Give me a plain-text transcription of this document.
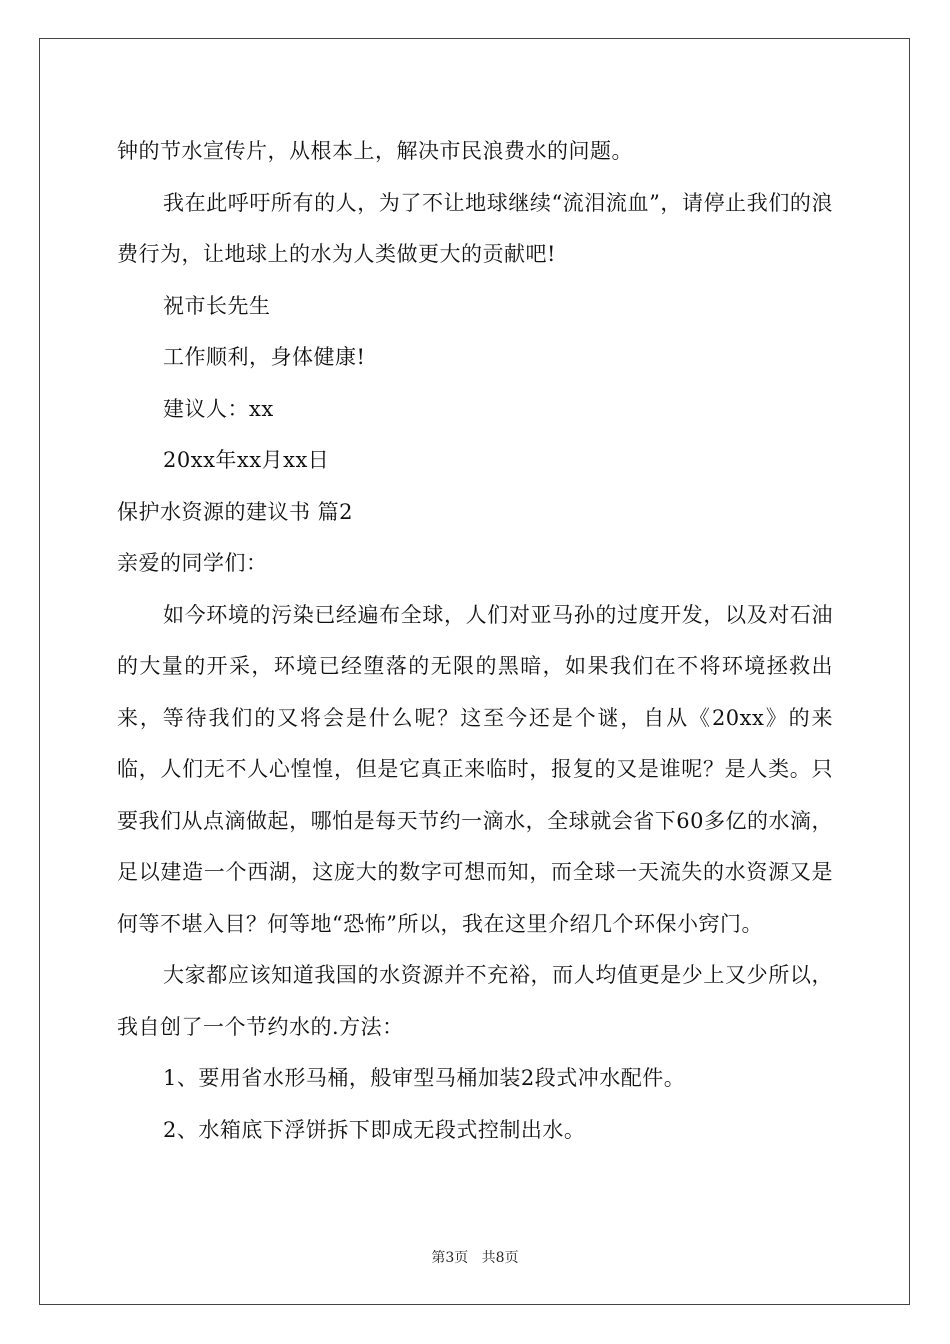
钟的节水宣传片，从根本上，解决市民浪费水的问题。

我在此呼吁所有的人，为了不让地球继续“流泪流血”，请停止我们的浪费行为，让地球上的水为人类做更大的贡献吧!

祝市长先生

工作顺利，身体健康!

建议人：xx

20xx年xx月xx日

保护水资源的建议书 篇2

亲爱的同学们：

如今环境的污染已经遍布全球，人们对亚马孙的过度开发，以及对石油的大量的开采，环境已经堕落的无限的黑暗，如果我们在不将环境拯救出来，等待我们的又将会是什么呢？这至今还是个谜，自从《20xx》的来临，人们无不人心惶惶，但是它真正来临时，报复的又是谁呢？是人类。只要我们从点滴做起，哪怕是每天节约一滴水，全球就会省下60多亿的水滴，足以建造一个西湖，这庞大的数字可想而知，而全球一天流失的水资源又是何等不堪入目？何等地“恐怖”所以，我在这里介绍几个环保小窍门。

大家都应该知道我国的水资源并不充裕，而人均值更是少上又少所以，我自创了一个节约水的.方法：

1、要用省水形马桶，般审型马桶加装2段式冲水配件。

2、水箱底下浮饼拆下即成无段式控制出水。

第3页 共8页
